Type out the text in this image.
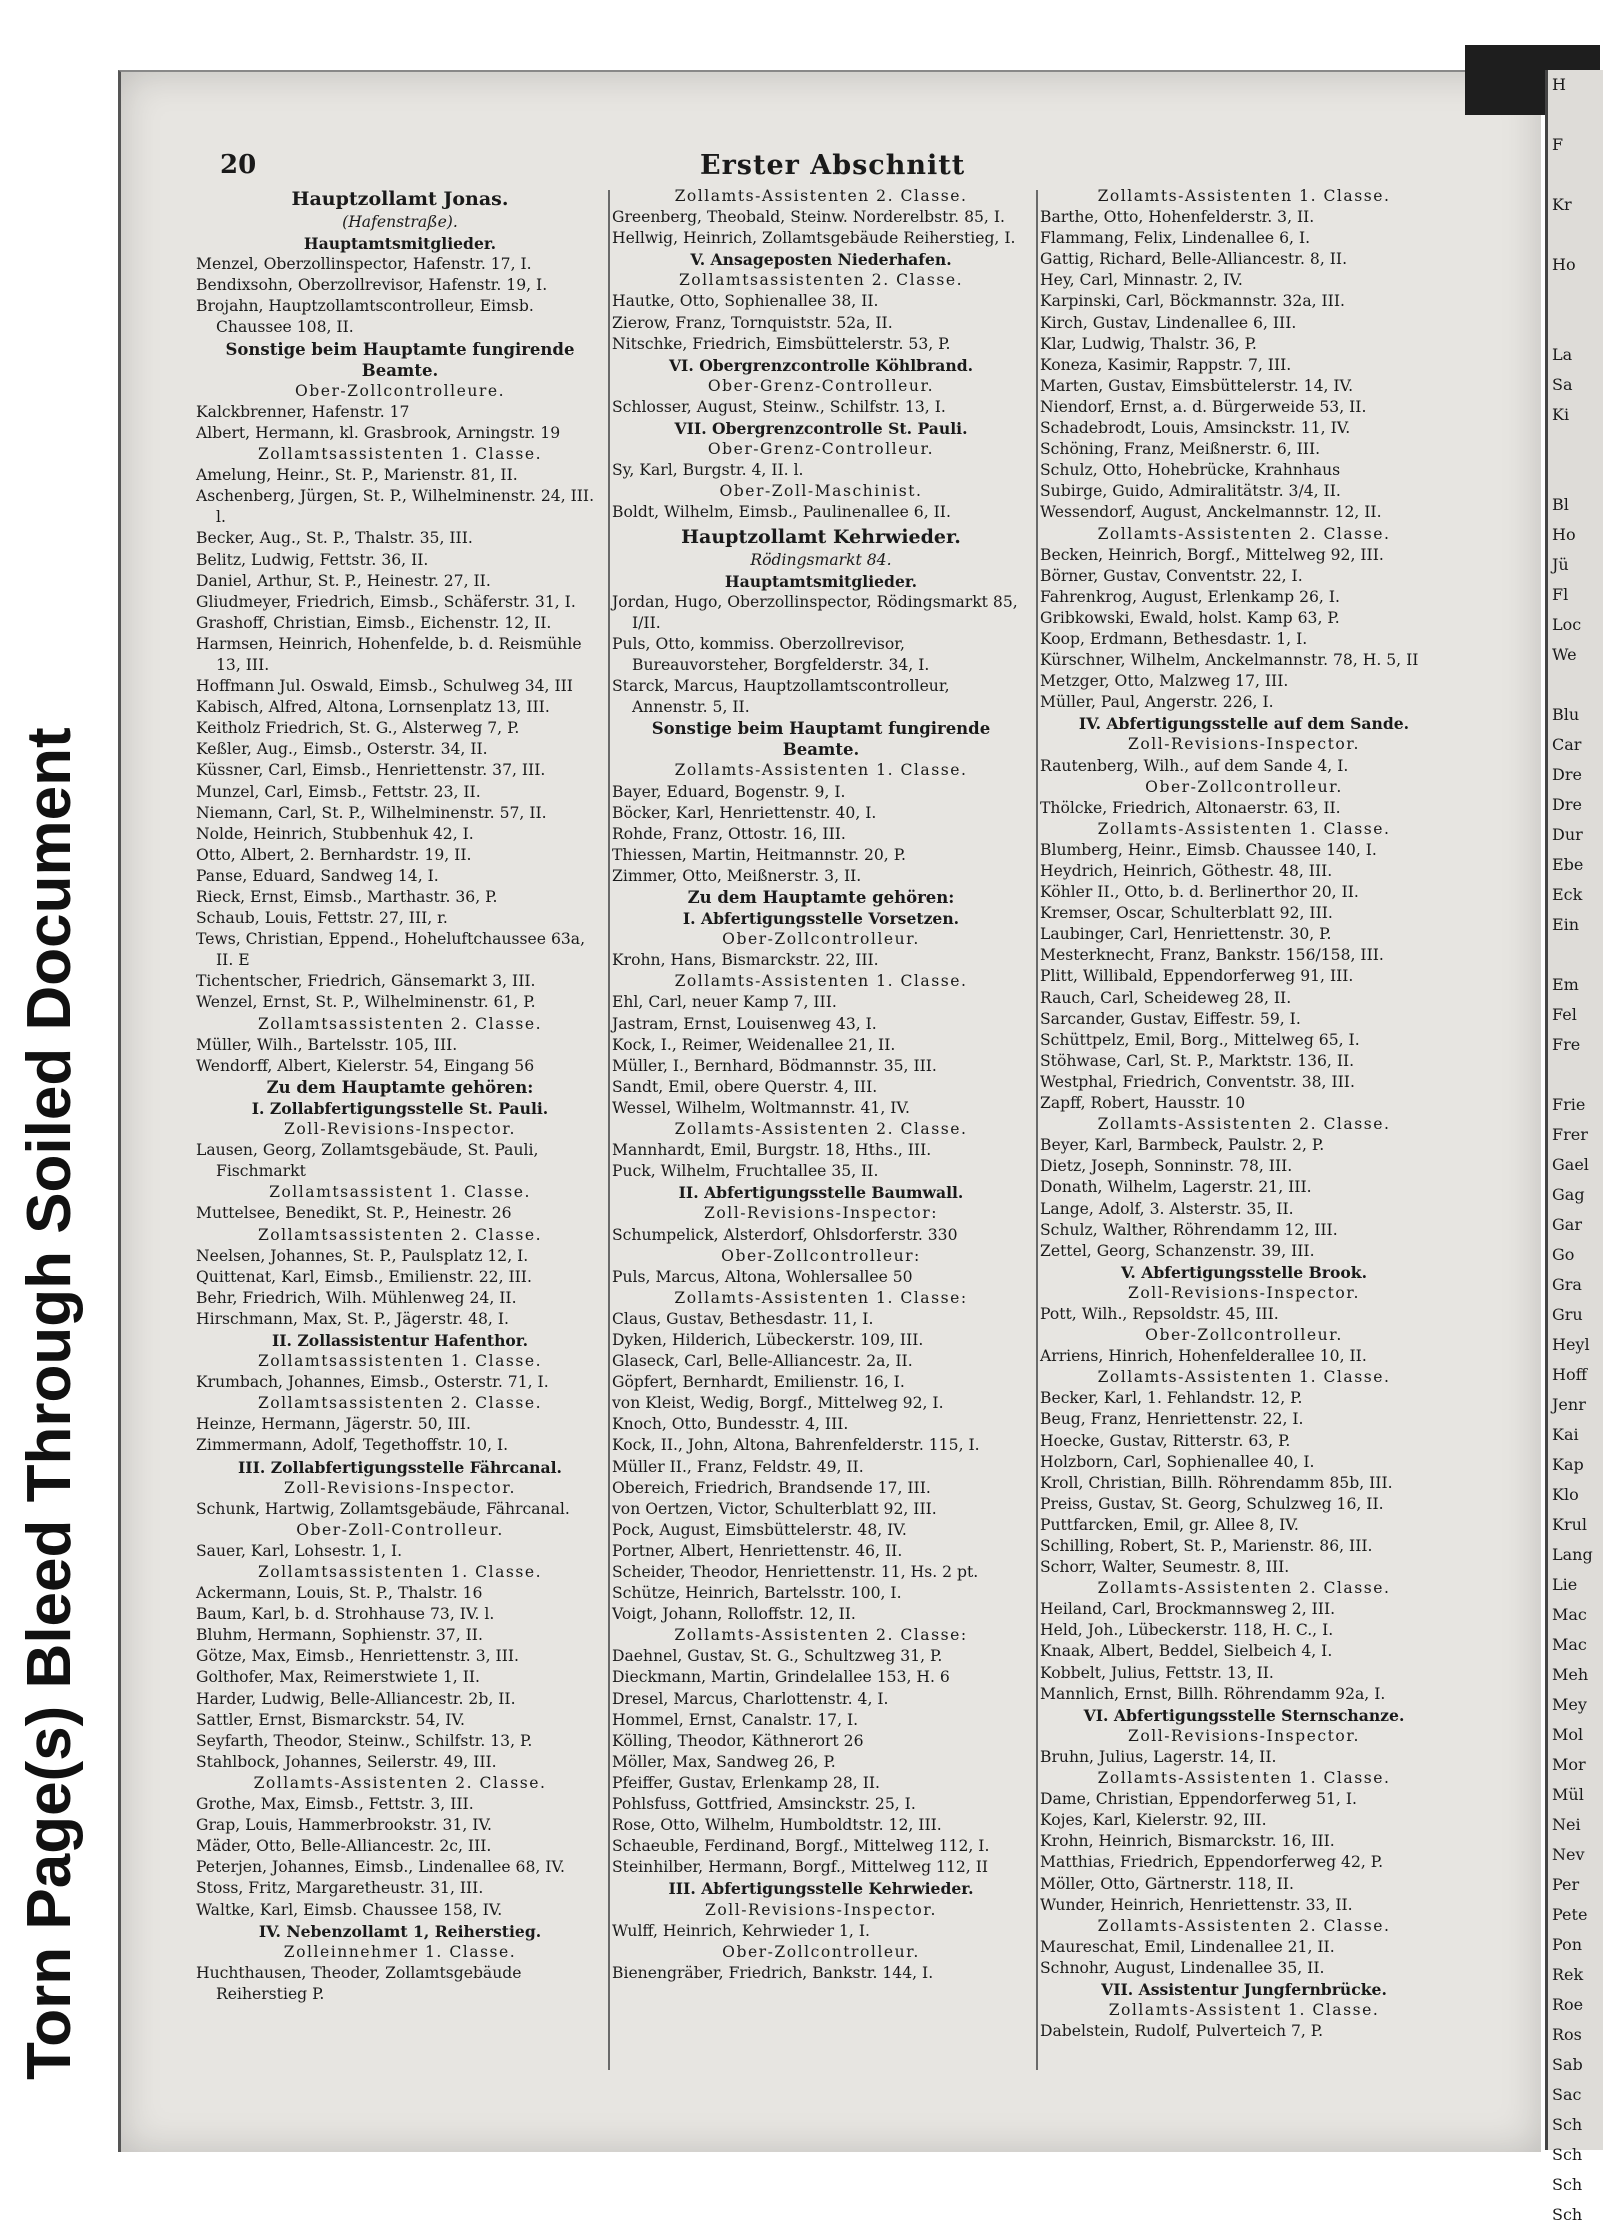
Torn Page(s) Bleed Through Soiled Document
H

F

Kr

Ho

La
Sa
Ki

Bl
Ho
Jü
Fl
Loc
We

Blu
Car
Dre
Dre
Dur
Ebe
Eck
Ein

Em
Fel
Fre

Frie
Frer
Gael
Gag
Gar
Go
Gra
Gru
Heyl
Hoff
Jenr
Kai
Kap
Klo
Krul
Lang
Lie
Mac
Mac
Meh
Mey
Mol
Mor
Mül
Nei
Nev
Per
Pete
Pon
Rek
Roe
Ros
Sab
Sac
Sch
Sch
Sch
Sch
20	Erster Abschnitt
Hauptzollamt Jonas.
(Hafenstraße).
Hauptamtsmitglieder.
Menzel, Oberzollinspector, Hafenstr. 17, I.
Bendixsohn, Oberzollrevisor, Hafenstr. 19, I.
Brojahn, Hauptzollamtscontrolleur, Eimsb. Chaussee 108, II.
Sonstige beim Hauptamte fungirende Beamte.
Ober-Zollcontrolleure.
Kalckbrenner, Hafenstr. 17
Albert, Hermann, kl. Grasbrook, Arningstr. 19
Zollamtsassistenten 1. Classe.
Amelung, Heinr., St. P., Marienstr. 81, II.
Aschenberg, Jürgen, St. P., Wilhelminenstr. 24, III. l.
Becker, Aug., St. P., Thalstr. 35, III.
Belitz, Ludwig, Fettstr. 36, II.
Daniel, Arthur, St. P., Heinestr. 27, II.
Gliudmeyer, Friedrich, Eimsb., Schäferstr. 31, I.
Grashoff, Christian, Eimsb., Eichenstr. 12, II.
Harmsen, Heinrich, Hohenfelde, b. d. Reismühle 13, III.
Hoffmann Jul. Oswald, Eimsb., Schulweg 34, III
Kabisch, Alfred, Altona, Lornsenplatz 13, III.
Keitholz Friedrich, St. G., Alsterweg 7, P.
Keßler, Aug., Eimsb., Osterstr. 34, II.
Küssner, Carl, Eimsb., Henriettenstr. 37, III.
Munzel, Carl, Eimsb., Fettstr. 23, II.
Niemann, Carl, St. P., Wilhelminenstr. 57, II.
Nolde, Heinrich, Stubbenhuk 42, I.
Otto, Albert, 2. Bernhardstr. 19, II.
Panse, Eduard, Sandweg 14, I.
Rieck, Ernst, Eimsb., Marthastr. 36, P.
Schaub, Louis, Fettstr. 27, III, r.
Tews, Christian, Eppend., Hoheluftchaussee 63a, II. E
Tichentscher, Friedrich, Gänsemarkt 3, III.
Wenzel, Ernst, St. P., Wilhelminenstr. 61, P.
Zollamtsassistenten 2. Classe.
Müller, Wilh., Bartelsstr. 105, III.
Wendorff, Albert, Kielerstr. 54, Eingang 56
Zu dem Hauptamte gehören:
I. Zollabfertigungsstelle St. Pauli.
Zoll-Revisions-Inspector.
Lausen, Georg, Zollamtsgebäude, St. Pauli, Fischmarkt
Zollamtsassistent 1. Classe.
Muttelsee, Benedikt, St. P., Heinestr. 26
Zollamtsassistenten 2. Classe.
Neelsen, Johannes, St. P., Paulsplatz 12, I.
Quittenat, Karl, Eimsb., Emilienstr. 22, III.
Behr, Friedrich, Wilh. Mühlenweg 24, II.
Hirschmann, Max, St. P., Jägerstr. 48, I.
II. Zollassistentur Hafenthor.
Zollamtsassistenten 1. Classe.
Krumbach, Johannes, Eimsb., Osterstr. 71, I.
Zollamtsassistenten 2. Classe.
Heinze, Hermann, Jägerstr. 50, III.
Zimmermann, Adolf, Tegethoffstr. 10, I.
III. Zollabfertigungsstelle Fährcanal.
Zoll-Revisions-Inspector.
Schunk, Hartwig, Zollamtsgebäude, Fährcanal.
Ober-Zoll-Controlleur.
Sauer, Karl, Lohsestr. 1, I.
Zollamtsassistenten 1. Classe.
Ackermann, Louis, St. P., Thalstr. 16
Baum, Karl, b. d. Strohhause 73, IV. l.
Bluhm, Hermann, Sophienstr. 37, II.
Götze, Max, Eimsb., Henriettenstr. 3, III.
Golthofer, Max, Reimerstwiete 1, II.
Harder, Ludwig, Belle-Alliancestr. 2b, II.
Sattler, Ernst, Bismarckstr. 54, IV.
Seyfarth, Theodor, Steinw., Schilfstr. 13, P.
Stahlbock, Johannes, Seilerstr. 49, III.
Zollamts-Assistenten 2. Classe.
Grothe, Max, Eimsb., Fettstr. 3, III.
Grap, Louis, Hammerbrookstr. 31, IV.
Mäder, Otto, Belle-Alliancestr. 2c, III.
Peterjen, Johannes, Eimsb., Lindenallee 68, IV.
Stoss, Fritz, Margaretheustr. 31, III.
Waltke, Karl, Eimsb. Chaussee 158, IV.
IV. Nebenzollamt 1, Reiherstieg.
Zolleinnehmer 1. Classe.
Huchthausen, Theoder, Zollamtsgebäude Reiherstieg P.
Zollamts-Assistenten 2. Classe.
Greenberg, Theobald, Steinw. Norderelbstr. 85, I.
Hellwig, Heinrich, Zollamtsgebäude Reiherstieg, I.
V. Ansageposten Niederhafen.
Zollamtsassistenten 2. Classe.
Hautke, Otto, Sophienallee 38, II.
Zierow, Franz, Tornquiststr. 52a, II.
Nitschke, Friedrich, Eimsbüttelerstr. 53, P.
VI. Obergrenzcontrolle Köhlbrand.
Ober-Grenz-Controlleur.
Schlosser, August, Steinw., Schilfstr. 13, I.
VII. Obergrenzcontrolle St. Pauli.
Ober-Grenz-Controlleur.
Sy, Karl, Burgstr. 4, II. l.
Ober-Zoll-Maschinist.
Boldt, Wilhelm, Eimsb., Paulinenallee 6, II.
Hauptzollamt Kehrwieder.
Rödingsmarkt 84.
Hauptamtsmitglieder.
Jordan, Hugo, Oberzollinspector, Rödingsmarkt 85, I/II.
Puls, Otto, kommiss. Oberzollrevisor, Bureauvorsteher, Borgfelderstr. 34, I.
Starck, Marcus, Hauptzollamtscontrolleur, Annenstr. 5, II.
Sonstige beim Hauptamt fungirende Beamte.
Zollamts-Assistenten 1. Classe.
Bayer, Eduard, Bogenstr. 9, I.
Böcker, Karl, Henriettenstr. 40, I.
Rohde, Franz, Ottostr. 16, III.
Thiessen, Martin, Heitmannstr. 20, P.
Zimmer, Otto, Meißnerstr. 3, II.
Zu dem Hauptamte gehören:
I. Abfertigungsstelle Vorsetzen.
Ober-Zollcontrolleur.
Krohn, Hans, Bismarckstr. 22, III.
Zollamts-Assistenten 1. Classe.
Ehl, Carl, neuer Kamp 7, III.
Jastram, Ernst, Louisenweg 43, I.
Kock, I., Reimer, Weidenallee 21, II.
Müller, I., Bernhard, Bödmannstr. 35, III.
Sandt, Emil, obere Querstr. 4, III.
Wessel, Wilhelm, Woltmannstr. 41, IV.
Zollamts-Assistenten 2. Classe.
Mannhardt, Emil, Burgstr. 18, Hths., III.
Puck, Wilhelm, Fruchtallee 35, II.
II. Abfertigungsstelle Baumwall.
Zoll-Revisions-Inspector:
Schumpelick, Alsterdorf, Ohlsdorferstr. 330
Ober-Zollcontrolleur:
Puls, Marcus, Altona, Wohlersallee 50
Zollamts-Assistenten 1. Classe:
Claus, Gustav, Bethesdastr. 11, I.
Dyken, Hilderich, Lübeckerstr. 109, III.
Glaseck, Carl, Belle-Alliancestr. 2a, II.
Göpfert, Bernhardt, Emilienstr. 16, I.
von Kleist, Wedig, Borgf., Mittelweg 92, I.
Knoch, Otto, Bundesstr. 4, III.
Kock, II., John, Altona, Bahrenfelderstr. 115, I.
Müller II., Franz, Feldstr. 49, II.
Obereich, Friedrich, Brandsende 17, III.
von Oertzen, Victor, Schulterblatt 92, III.
Pock, August, Eimsbüttelerstr. 48, IV.
Portner, Albert, Henriettenstr. 46, II.
Scheider, Theodor, Henriettenstr. 11, Hs. 2 pt.
Schütze, Heinrich, Bartelsstr. 100, I.
Voigt, Johann, Rolloffstr. 12, II.
Zollamts-Assistenten 2. Classe:
Daehnel, Gustav, St. G., Schultzweg 31, P.
Dieckmann, Martin, Grindelallee 153, H. 6
Dresel, Marcus, Charlottenstr. 4, I.
Hommel, Ernst, Canalstr. 17, I.
Kölling, Theodor, Käthnerort 26
Möller, Max, Sandweg 26, P.
Pfeiffer, Gustav, Erlenkamp 28, II.
Pohlsfuss, Gottfried, Amsinckstr. 25, I.
Rose, Otto, Wilhelm, Humboldtstr. 12, III.
Schaeuble, Ferdinand, Borgf., Mittelweg 112, I.
Steinhilber, Hermann, Borgf., Mittelweg 112, II
III. Abfertigungsstelle Kehrwieder.
Zoll-Revisions-Inspector.
Wulff, Heinrich, Kehrwieder 1, I.
Ober-Zollcontrolleur.
Bienengräber, Friedrich, Bankstr. 144, I.
Zollamts-Assistenten 1. Classe.
Barthe, Otto, Hohenfelderstr. 3, II.
Flammang, Felix, Lindenallee 6, I.
Gattig, Richard, Belle-Alliancestr. 8, II.
Hey, Carl, Minnastr. 2, IV.
Karpinski, Carl, Böckmannstr. 32a, III.
Kirch, Gustav, Lindenallee 6, III.
Klar, Ludwig, Thalstr. 36, P.
Koneza, Kasimir, Rappstr. 7, III.
Marten, Gustav, Eimsbüttelerstr. 14, IV.
Niendorf, Ernst, a. d. Bürgerweide 53, II.
Schadebrodt, Louis, Amsinckstr. 11, IV.
Schöning, Franz, Meißnerstr. 6, III.
Schulz, Otto, Hohebrücke, Krahnhaus
Subirge, Guido, Admiralitätstr. 3/4, II.
Wessendorf, August, Anckelmannstr. 12, II.
Zollamts-Assistenten 2. Classe.
Becken, Heinrich, Borgf., Mittelweg 92, III.
Börner, Gustav, Conventstr. 22, I.
Fahrenkrog, August, Erlenkamp 26, I.
Gribkowski, Ewald, holst. Kamp 63, P.
Koop, Erdmann, Bethesdastr. 1, I.
Kürschner, Wilhelm, Anckelmannstr. 78, H. 5, II
Metzger, Otto, Malzweg 17, III.
Müller, Paul, Angerstr. 226, I.
IV. Abfertigungsstelle auf dem Sande.
Zoll-Revisions-Inspector.
Rautenberg, Wilh., auf dem Sande 4, I.
Ober-Zollcontrolleur.
Thölcke, Friedrich, Altonaerstr. 63, II.
Zollamts-Assistenten 1. Classe.
Blumberg, Heinr., Eimsb. Chaussee 140, I.
Heydrich, Heinrich, Göthestr. 48, III.
Köhler II., Otto, b. d. Berlinerthor 20, II.
Kremser, Oscar, Schulterblatt 92, III.
Laubinger, Carl, Henriettenstr. 30, P.
Mesterknecht, Franz, Bankstr. 156/158, III.
Plitt, Willibald, Eppendorferweg 91, III.
Rauch, Carl, Scheideweg 28, II.
Sarcander, Gustav, Eiffestr. 59, I.
Schüttpelz, Emil, Borg., Mittelweg 65, I.
Stöhwase, Carl, St. P., Marktstr. 136, II.
Westphal, Friedrich, Conventstr. 38, III.
Zapff, Robert, Hausstr. 10
Zollamts-Assistenten 2. Classe.
Beyer, Karl, Barmbeck, Paulstr. 2, P.
Dietz, Joseph, Sonninstr. 78, III.
Donath, Wilhelm, Lagerstr. 21, III.
Lange, Adolf, 3. Alsterstr. 35, II.
Schulz, Walther, Röhrendamm 12, III.
Zettel, Georg, Schanzenstr. 39, III.
V. Abfertigungsstelle Brook.
Zoll-Revisions-Inspector.
Pott, Wilh., Repsoldstr. 45, III.
Ober-Zollcontrolleur.
Arriens, Hinrich, Hohenfelderallee 10, II.
Zollamts-Assistenten 1. Classe.
Becker, Karl, 1. Fehlandstr. 12, P.
Beug, Franz, Henriettenstr. 22, I.
Hoecke, Gustav, Ritterstr. 63, P.
Holzborn, Carl, Sophienallee 40, I.
Kroll, Christian, Billh. Röhrendamm 85b, III.
Preiss, Gustav, St. Georg, Schulzweg 16, II.
Puttfarcken, Emil, gr. Allee 8, IV.
Schilling, Robert, St. P., Marienstr. 86, III.
Schorr, Walter, Seumestr. 8, III.
Zollamts-Assistenten 2. Classe.
Heiland, Carl, Brockmannsweg 2, III.
Held, Joh., Lübeckerstr. 118, H. C., I.
Knaak, Albert, Beddel, Sielbeich 4, I.
Kobbelt, Julius, Fettstr. 13, II.
Mannlich, Ernst, Billh. Röhrendamm 92a, I.
VI. Abfertigungsstelle Sternschanze.
Zoll-Revisions-Inspector.
Bruhn, Julius, Lagerstr. 14, II.
Zollamts-Assistenten 1. Classe.
Dame, Christian, Eppendorferweg 51, I.
Kojes, Karl, Kielerstr. 92, III.
Krohn, Heinrich, Bismarckstr. 16, III.
Matthias, Friedrich, Eppendorferweg 42, P.
Möller, Otto, Gärtnerstr. 118, II.
Wunder, Heinrich, Henriettenstr. 33, II.
Zollamts-Assistenten 2. Classe.
Maureschat, Emil, Lindenallee 21, II.
Schnohr, August, Lindenallee 35, II.
VII. Assistentur Jungfernbrücke.
Zollamts-Assistent 1. Classe.
Dabelstein, Rudolf, Pulverteich 7, P.
